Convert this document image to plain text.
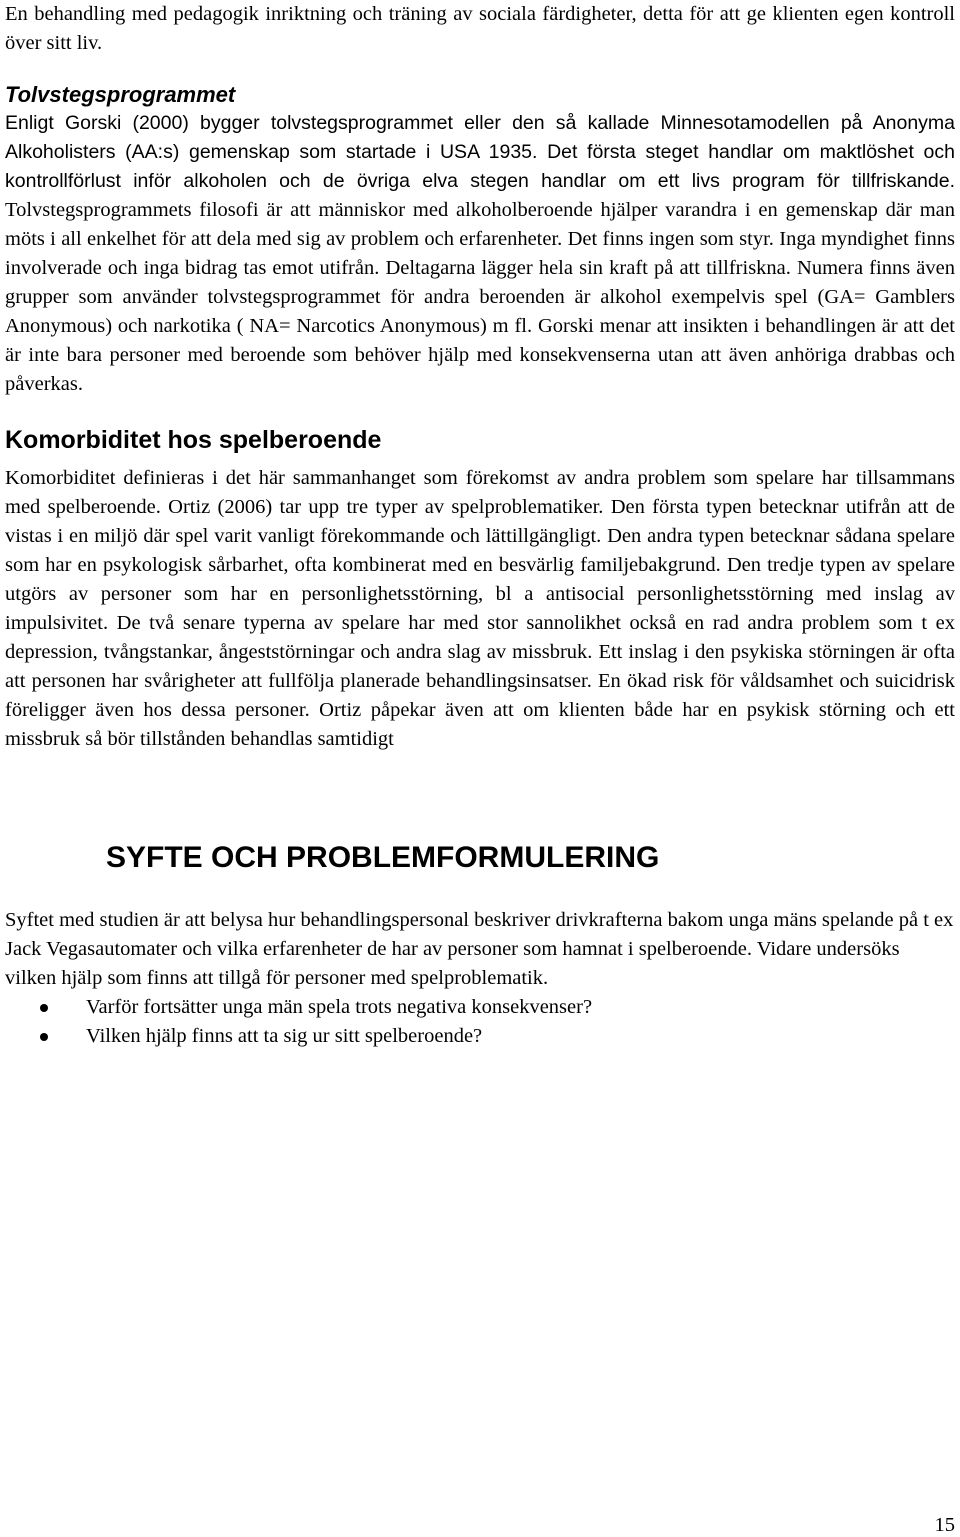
En behandling med pedagogik inriktning och träning av sociala färdigheter, detta för att ge klienten egen kontroll över sitt liv.

Tolvstegsprogrammet

Enligt Gorski (2000) bygger tolvstegsprogrammet eller den så kallade Minnesotamodellen på Anonyma Alkoholisters (AA:s) gemenskap som startade i USA 1935. Det första steget handlar om maktlöshet och kontrollförlust inför alkoholen och de övriga elva stegen handlar om ett livs program för tillfriskande. Tolvstegsprogrammets filosofi är att människor med alkoholberoende hjälper varandra i en gemenskap där man möts i all enkelhet för att dela med sig av problem och erfarenheter. Det finns ingen som styr. Inga myndighet finns involverade och inga bidrag tas emot utifrån. Deltagarna lägger hela sin kraft på att tillfriskna. Numera finns även grupper som använder tolvstegsprogrammet för andra beroenden är alkohol exempelvis spel (GA= Gamblers Anonymous) och narkotika ( NA= Narcotics Anonymous) m fl. Gorski menar att insikten i behandlingen är att det är inte bara personer med beroende som behöver hjälp med konsekvenserna utan att även anhöriga drabbas och påverkas.

Komorbiditet hos spelberoende

Komorbiditet definieras i det här sammanhanget som förekomst av andra problem som spelare har tillsammans med spelberoende. Ortiz (2006) tar upp tre typer av spelproblematiker. Den första typen betecknar utifrån att de vistas i en miljö där spel varit vanligt förekommande och lättillgängligt. Den andra typen betecknar sådana spelare som har en psykologisk sårbarhet, ofta kombinerat med en besvärlig familjebakgrund. Den tredje typen av spelare utgörs av personer som har en personlighetsstörning, bl a antisocial personlighetsstörning med inslag av impulsivitet. De två senare typerna av spelare har med stor sannolikhet också en rad andra problem som t ex depression, tvångstankar, ångeststörningar och andra slag av missbruk. Ett inslag i den psykiska störningen är ofta att personen har svårigheter att fullfölja planerade behandlingsinsatser. En ökad risk för våldsamhet och suicidrisk föreligger även hos dessa personer. Ortiz påpekar även att om klienten både har en psykisk störning och ett missbruk så bör tillstånden behandlas samtidigt

SYFTE OCH PROBLEMFORMULERING

Syftet med studien är att belysa hur behandlingspersonal beskriver drivkrafterna bakom unga mäns spelande på t ex Jack Vegasautomater och vilka erfarenheter de har av personer som hamnat i spelberoende. Vidare undersöks vilken hjälp som finns att tillgå för personer med spelproblematik.

Varför fortsätter unga män spela trots negativa konsekvenser?
Vilken hjälp finns att ta sig ur sitt spelberoende?
15
